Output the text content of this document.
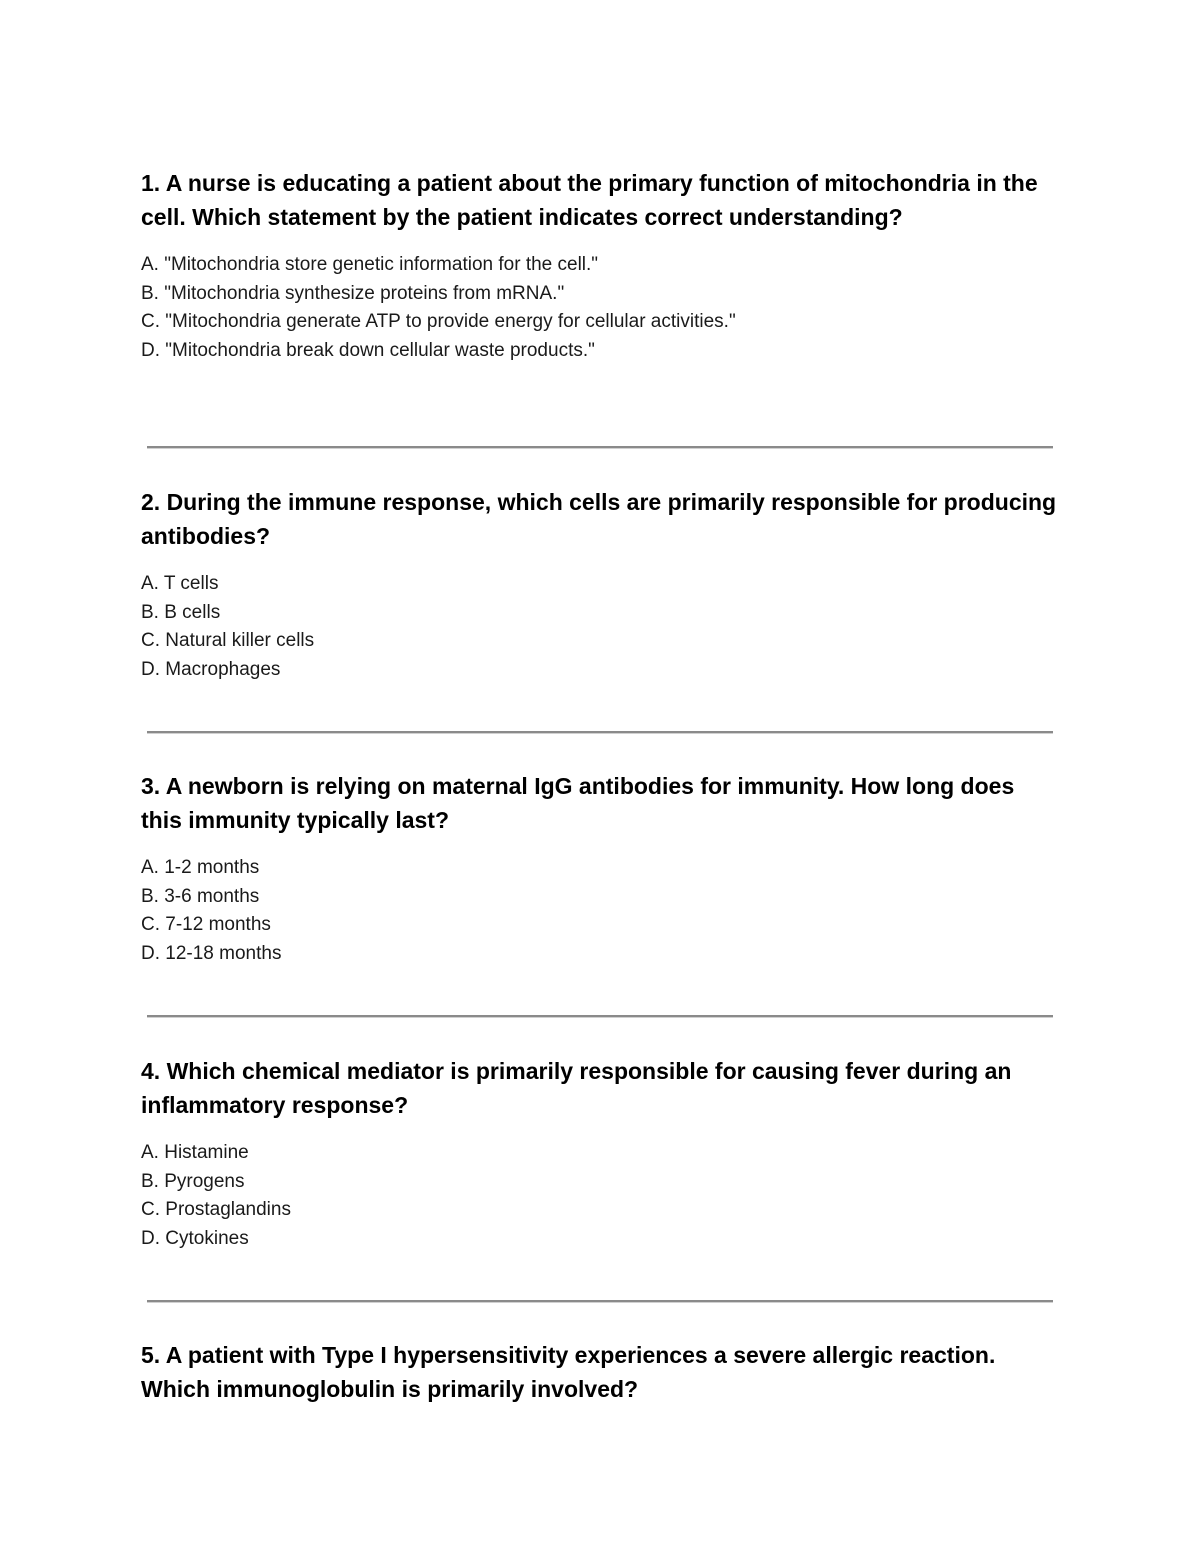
1. A nurse is educating a patient about the primary function of mitochondria in the cell. Which statement by the patient indicates correct understanding?

A. "Mitochondria store genetic information for the cell."
B. "Mitochondria synthesize proteins from mRNA."
C. "Mitochondria generate ATP to provide energy for cellular activities."
D. "Mitochondria break down cellular waste products."

2. During the immune response, which cells are primarily responsible for producing antibodies?

A. T cells
B. B cells
C. Natural killer cells
D. Macrophages

3. A newborn is relying on maternal IgG antibodies for immunity. How long does this immunity typically last?

A. 1-2 months
B. 3-6 months
C. 7-12 months
D. 12-18 months

4. Which chemical mediator is primarily responsible for causing fever during an inflammatory response?

A. Histamine
B. Pyrogens
C. Prostaglandins
D. Cytokines

5. A patient with Type I hypersensitivity experiences a severe allergic reaction. Which immunoglobulin is primarily involved?
